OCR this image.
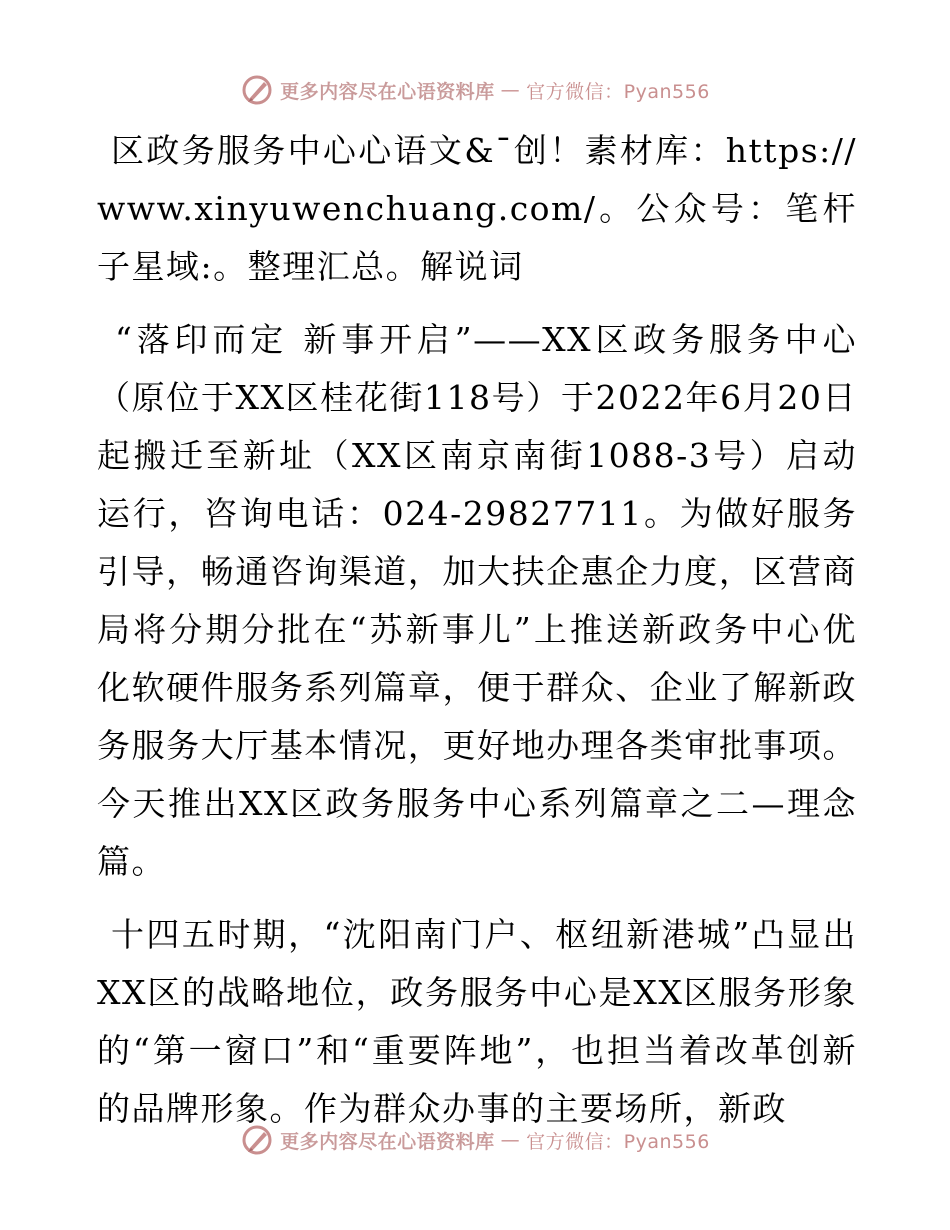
更多内容尽在心语资料库 — 官方微信：Pyan556

区政务服务中心心语文&¯创！素材库：https://www.xinyuwenchuang.com/。公众号：笔杆子星域:。整理汇总。解说词

“落印而定 新事开启”——XX区政务服务中心（原位于XX区桂花街118号）于2022年6月20日起搬迁至新址（XX区南京南街1088-3号）启动运行，咨询电话：024-29827711。为做好服务引导，畅通咨询渠道，加大扶企惠企力度，区营商局将分期分批在“苏新事儿”上推送新政务中心优化软硬件服务系列篇章，便于群众、企业了解新政务服务大厅基本情况，更好地办理各类审批事项。今天推出XX区政务服务中心系列篇章之二—理念篇。

十四五时期，“沈阳南门户、枢纽新港城”凸显出XX区的战略地位，政务服务中心是XX区服务形象的“第一窗口”和“重要阵地”，也担当着改革创新的品牌形象。作为群众办事的主要场所，新政

更多内容尽在心语资料库 — 官方微信：Pyan556
